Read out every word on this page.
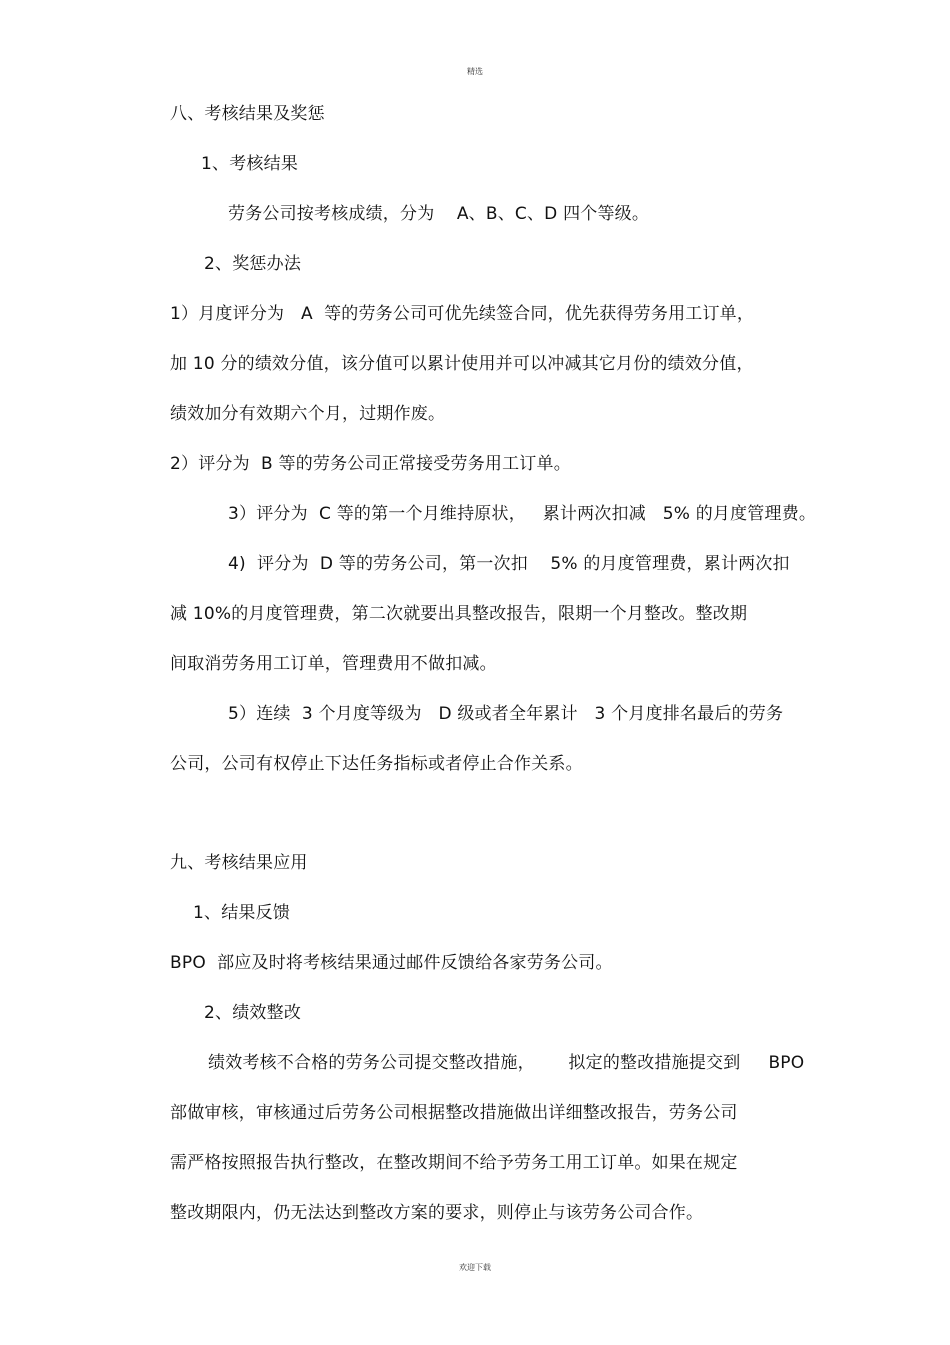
精选
八、考核结果及奖惩
1、考核结果
劳务公司按考核成绩，分为    A、B、C、D 四个等级。
2、奖惩办法
1）月度评分为   A  等的劳务公司可优先续签合同，优先获得劳务用工订单，
加 10 分的绩效分值，该分值可以累计使用并可以冲减其它月份的绩效分值，
绩效加分有效期六个月，过期作废。
2）评分为  B 等的劳务公司正常接受劳务用工订单。
3）评分为  C 等的第一个月维持原状，   累计两次扣减   5% 的月度管理费。
4)  评分为  D 等的劳务公司，第一次扣    5% 的月度管理费，累计两次扣
减 10%的月度管理费，第二次就要出具整改报告，限期一个月整改。整改期
间取消劳务用工订单，管理费用不做扣减。
5）连续  3 个月度等级为   D 级或者全年累计   3 个月度排名最后的劳务
公司，公司有权停止下达任务指标或者停止合作关系。
九、考核结果应用
1、结果反馈
BPO  部应及时将考核结果通过邮件反馈给各家劳务公司。
2、绩效整改
绩效考核不合格的劳务公司提交整改措施，      拟定的整改措施提交到     BPO
部做审核，审核通过后劳务公司根据整改措施做出详细整改报告，劳务公司
需严格按照报告执行整改，在整改期间不给予劳务工用工订单。如果在规定
整改期限内，仍无法达到整改方案的要求，则停止与该劳务公司合作。
欢迎下载
